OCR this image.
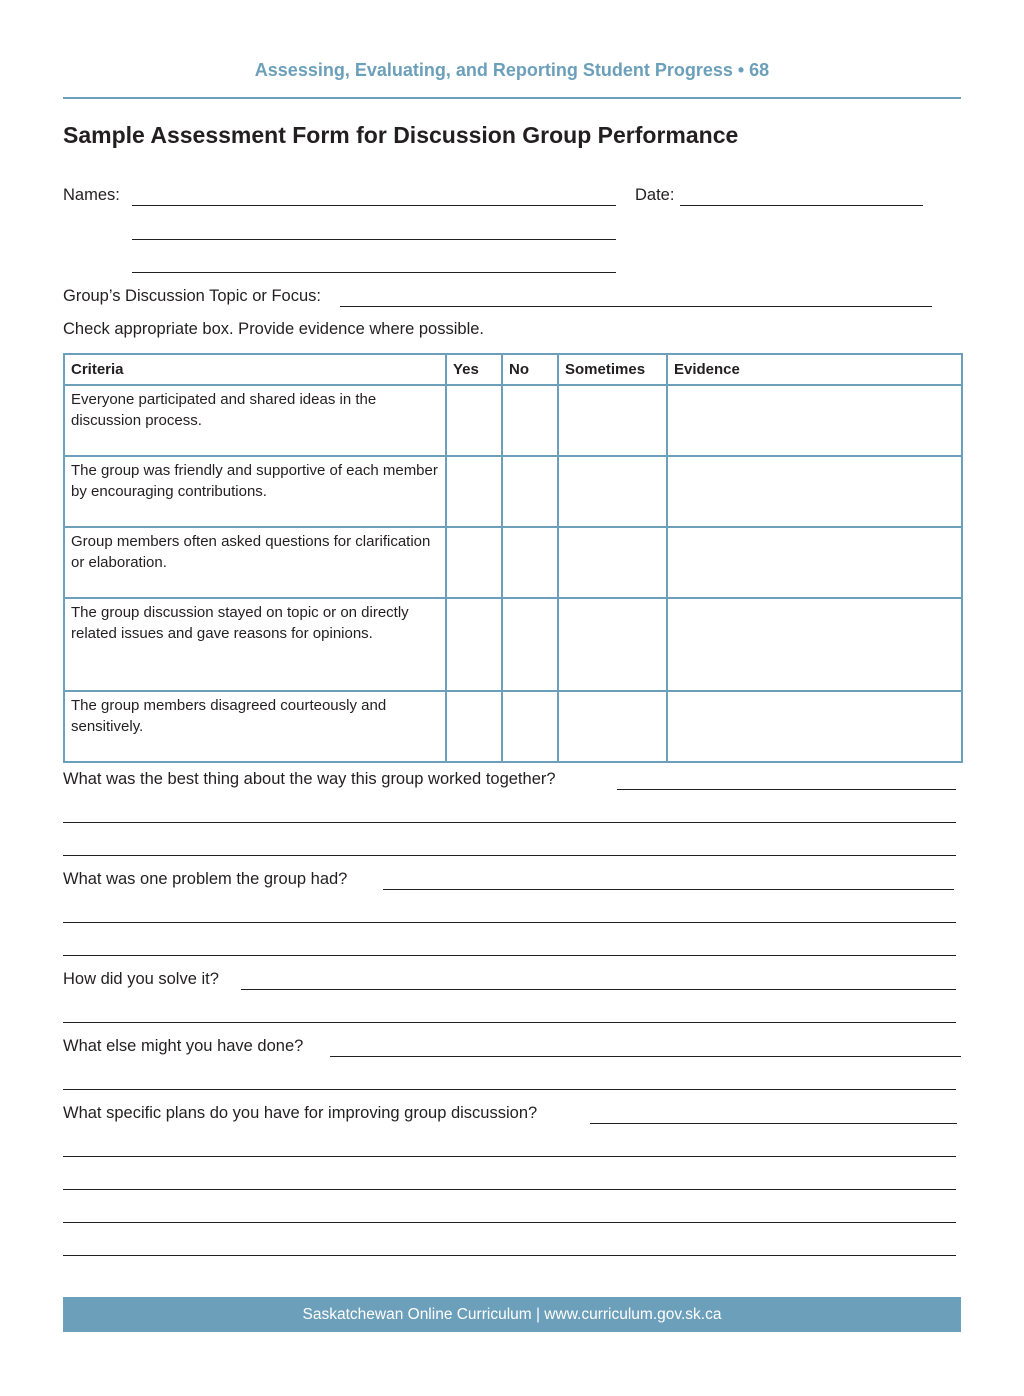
Assessing, Evaluating, and Reporting Student Progress • 68
Sample Assessment Form for Discussion Group Performance
Names:	Date:
Group’s Discussion Topic or Focus:
Check appropriate box. Provide evidence where possible.
Criteria	Yes	No	Sometimes	Evidence
Everyone participated and shared ideas in the discussion process.				
The group was friendly and supportive of each member by encouraging contributions.				
Group members often asked questions for clarification or elaboration.				
The group discussion stayed on topic or on directly related issues and gave reasons for opinions.				
The group members disagreed courteously and sensitively.				
What was the best thing about the way this group worked together?
What was one problem the group had?
How did you solve it?
What else might you have done?
What specific plans do you have for improving group discussion?
Saskatchewan Online Curriculum | www.curriculum.gov.sk.ca
